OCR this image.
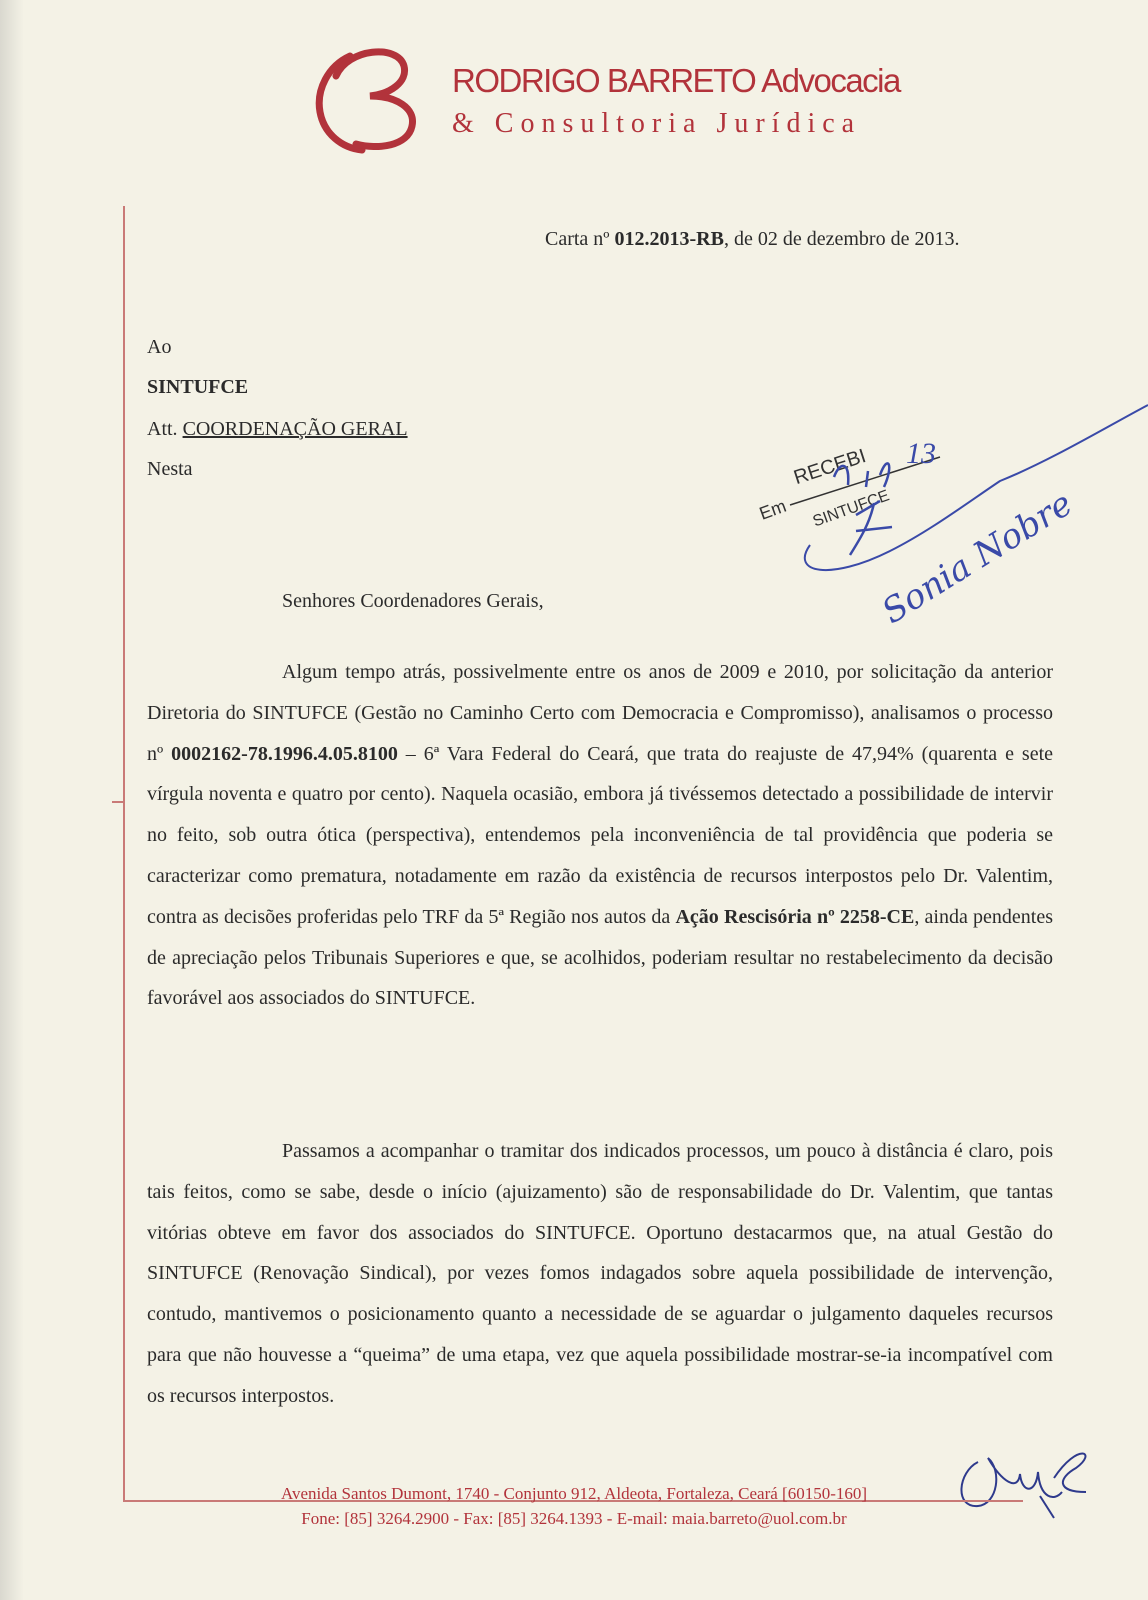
RODRIGO BARRETO Advocacia
& Consultoria Jurídica
Carta nº 012.2013-RB, de 02 de dezembro de 2013.
Ao
SINTUFCE
Att. COORDENAÇÃO GERAL
Nesta	RECEBI
Em SINTUFCE
13
Sonia Nobre
Senhores Coordenadores Gerais,

Algum tempo atrás, possivelmente entre os anos de 2009 e 2010, por solicitação da anterior Diretoria do SINTUFCE (Gestão no Caminho Certo com Democracia e Compromisso), analisamos o processo nº 0002162-78.1996.4.05.8100 – 6ª Vara Federal do Ceará, que trata do reajuste de 47,94% (quarenta e sete vírgula noventa e quatro por cento). Naquela ocasião, embora já tivéssemos detectado a possibilidade de intervir no feito, sob outra ótica (perspectiva), entendemos pela inconveniência de tal providência que poderia se caracterizar como prematura, notadamente em razão da existência de recursos interpostos pelo Dr. Valentim, contra as decisões proferidas pelo TRF da 5ª Região nos autos da Ação Rescisória nº 2258-CE, ainda pendentes de apreciação pelos Tribunais Superiores e que, se acolhidos, poderiam resultar no restabelecimento da decisão favorável aos associados do SINTUFCE.

Passamos a acompanhar o tramitar dos indicados processos, um pouco à distância é claro, pois tais feitos, como se sabe, desde o início (ajuizamento) são de responsabilidade do Dr. Valentim, que tantas vitórias obteve em favor dos associados do SINTUFCE. Oportuno destacarmos que, na atual Gestão do SINTUFCE (Renovação Sindical), por vezes fomos indagados sobre aquela possibilidade de intervenção, contudo, mantivemos o posicionamento quanto a necessidade de se aguardar o julgamento daqueles recursos para que não houvesse a “queima” de uma etapa, vez que aquela possibilidade mostrar-se-ia incompatível com os recursos interpostos.

Avenida Santos Dumont, 1740 - Conjunto 912, Aldeota, Fortaleza, Ceará [60150-160]
Fone: [85] 3264.2900 - Fax: [85] 3264.1393 - E-mail: maia.barreto@uol.com.br
